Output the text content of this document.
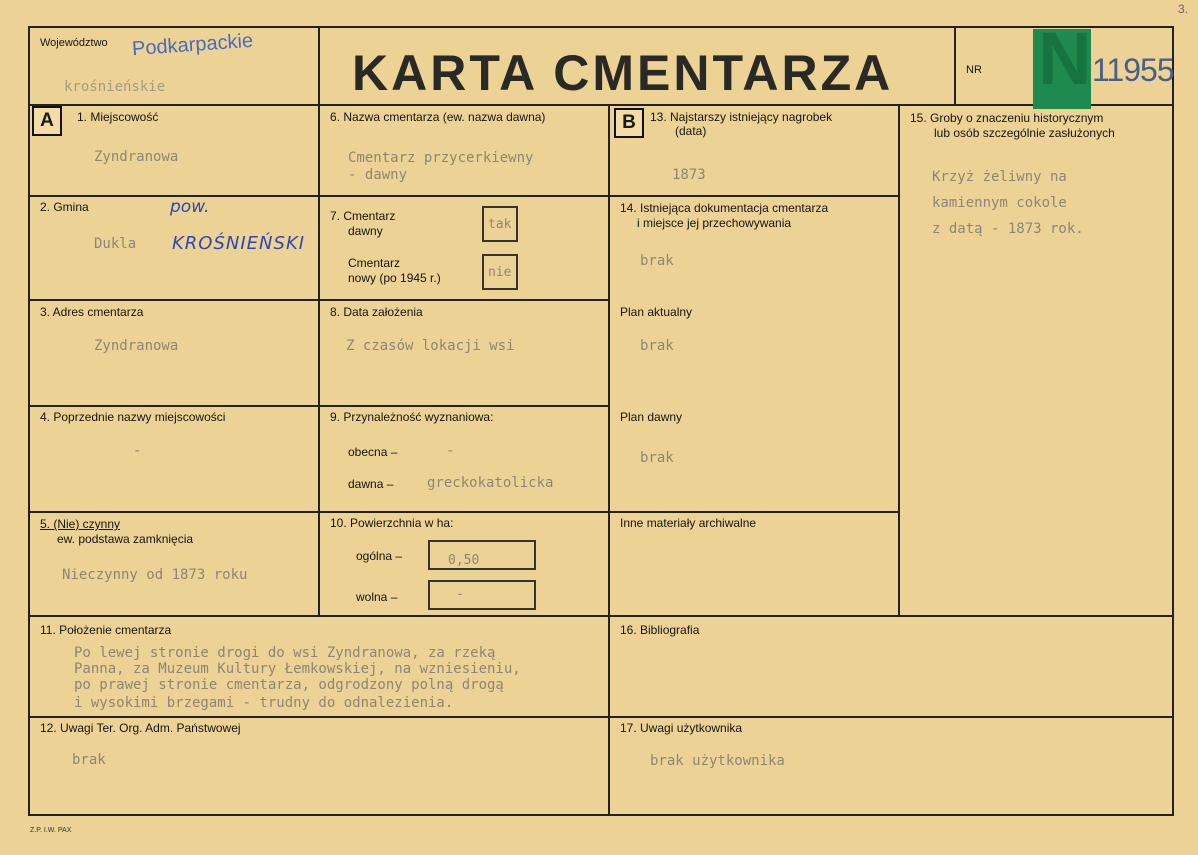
Województwo Podkarpackie
krośnieńskie	KARTA CMENTARZA	NR N 11955
3.
A	1. Miejscowość
Zyndranowa
2. Gmina
Dukla
pow.
KROŚNIEŃSKI
3. Adres cmentarza
Zyndranowa
4. Poprzednie nazwy miejscowości
-
5. (Nie) czynny
ew. podstawa zamknięcia
Nieczynny od 1873 roku
6. Nazwa cmentarza (ew. nazwa dawna)
Cmentarz przycerkiewny
- dawny
7. Cmentarz
dawny	tak
Cmentarz
nowy (po 1945 r.)	nie
8. Data założenia
Z czasów lokacji wsi
9. Przynależność wyznaniowa:
obecna –	-
dawna – greckokatolicka
10. Powierzchnia w ha:
ogólna –	0,50
wolna –	-
B	13. Najstarszy istniejący nagrobek
(data)
1873
14. Istniejąca dokumentacja cmentarza
i miejsce jej przechowywania
brak
Plan aktualny
brak
Plan dawny
brak
Inne materiały archiwalne
15. Groby o znaczeniu historycznym
lub osób szczególnie zasłużonych
Krzyż żeliwny na
kamiennym cokole
z datą - 1873 rok.
11. Położenie cmentarza
Po lewej stronie drogi do wsi Zyndranowa, za rzeką
Panna, za Muzeum Kultury Łemkowskiej, na wzniesieniu,
po prawej stronie cmentarza, odgrodzony polną drogą
i wysokimi brzegami - trudny do odnalezienia.
16. Bibliografia
12. Uwagi Ter. Org. Adm. Państwowej
brak
17. Uwagi użytkownika
brak użytkownika
Z.P. I.W. PAX
